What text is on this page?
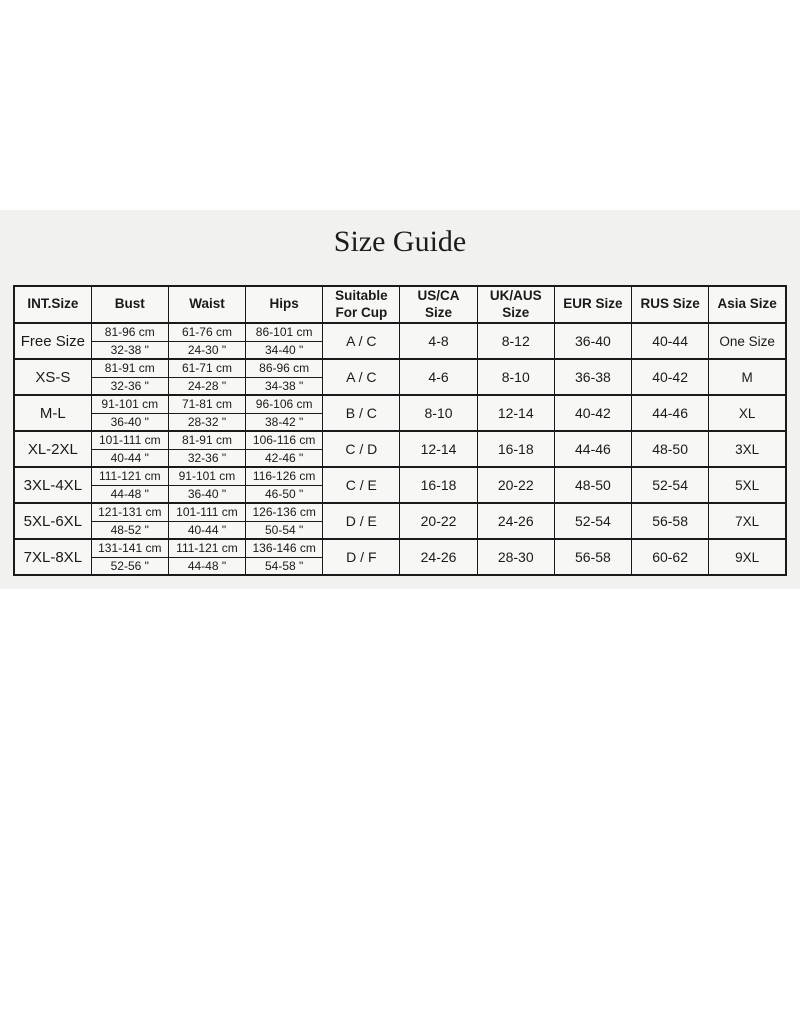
Size Guide
INT.Size	Bust	Waist	Hips	Suitable For Cup	US/CA Size	UK/AUS Size	EUR Size	RUS Size	Asia Size
Free Size	81-96 cm	61-76 cm	86-101 cm	A / C	4-8	8-12	36-40	40-44	One Size
	32-38 "	24-30 "	34-40 "						
XS-S	81-91 cm	61-71 cm	86-96 cm	A / C	4-6	8-10	36-38	40-42	M
	32-36 "	24-28 "	34-38 "						
M-L	91-101 cm	71-81 cm	96-106 cm	B / C	8-10	12-14	40-42	44-46	XL
	36-40 "	28-32 "	38-42 "						
XL-2XL	101-111 cm	81-91 cm	106-116 cm	C / D	12-14	16-18	44-46	48-50	3XL
	40-44 "	32-36 "	42-46 "						
3XL-4XL	111-121 cm	91-101 cm	116-126 cm	C / E	16-18	20-22	48-50	52-54	5XL
	44-48 "	36-40 "	46-50 "						
5XL-6XL	121-131 cm	101-111 cm	126-136 cm	D / E	20-22	24-26	52-54	56-58	7XL
	48-52 "	40-44 "	50-54 "						
7XL-8XL	131-141 cm	111-121 cm	136-146 cm	D / F	24-26	28-30	56-58	60-62	9XL
	52-56 "	44-48 "	54-58 "						
